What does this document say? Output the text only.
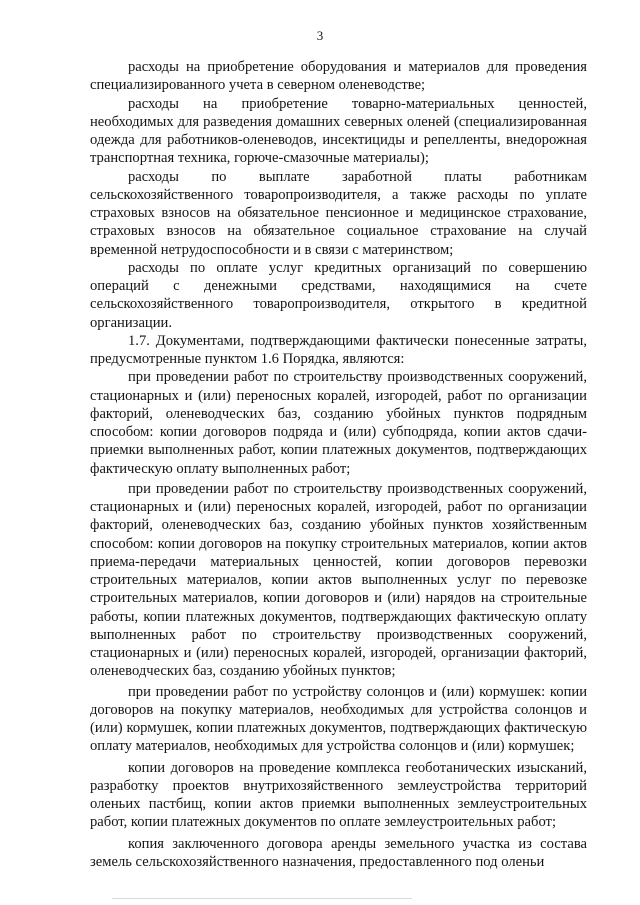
3

расходы на приобретение оборудования и материалов для проведения специализированного учета в северном оленеводстве;

расходы на приобретение товарно-материальных ценностей, необходимых для разведения домашних северных оленей (специализированная одежда для работников-оленеводов, инсектициды и репелленты, внедорожная транспортная техника, горюче-смазочные материалы);

расходы по выплате заработной платы работникам сельскохозяйственного товаропроизводителя, а также расходы по уплате страховых взносов на обязательное пенсионное и медицинское страхование, страховых взносов на обязательное социальное страхование на случай временной нетрудоспособности и в связи с материнством;

расходы по оплате услуг кредитных организаций по совершению операций с денежными средствами, находящимися на счете сельскохозяйственного товаропроизводителя, открытого в кредитной организации.

1.7. Документами, подтверждающими фактически понесенные затраты, предусмотренные пунктом 1.6 Порядка, являются:

при проведении работ по строительству производственных сооружений, стационарных и (или) переносных коралей, изгородей, работ по организации факторий, оленеводческих баз, созданию убойных пунктов подрядным способом: копии договоров подряда и (или) субподряда, копии актов сдачи-приемки выполненных работ, копии платежных документов, подтверждающих фактическую оплату выполненных работ;

при проведении работ по строительству производственных сооружений, стационарных и (или) переносных коралей, изгородей, работ по организации факторий, оленеводческих баз, созданию убойных пунктов хозяйственным способом: копии договоров на покупку строительных материалов, копии актов приема-передачи материальных ценностей, копии договоров перевозки строительных материалов, копии актов выполненных услуг по перевозке строительных материалов, копии договоров и (или) нарядов на строительные работы, копии платежных документов, подтверждающих фактическую оплату выполненных работ по строительству производственных сооружений, стационарных и (или) переносных коралей, изгородей, организации факторий, оленеводческих баз, созданию убойных пунктов;

при проведении работ по устройству солонцов и (или) кормушек: копии договоров на покупку материалов, необходимых для устройства солонцов и (или) кормушек, копии платежных документов, подтверждающих фактическую оплату материалов, необходимых для устройства солонцов и (или) кормушек;

копии договоров на проведение комплекса геоботанических изысканий, разработку проектов внутрихозяйственного землеустройства территорий оленьих пастбищ, копии актов приемки выполненных землеустроительных работ, копии платежных документов по оплате землеустроительных работ;

копия заключенного договора аренды земельного участка из состава земель сельскохозяйственного назначения, предоставленного под оленьи
